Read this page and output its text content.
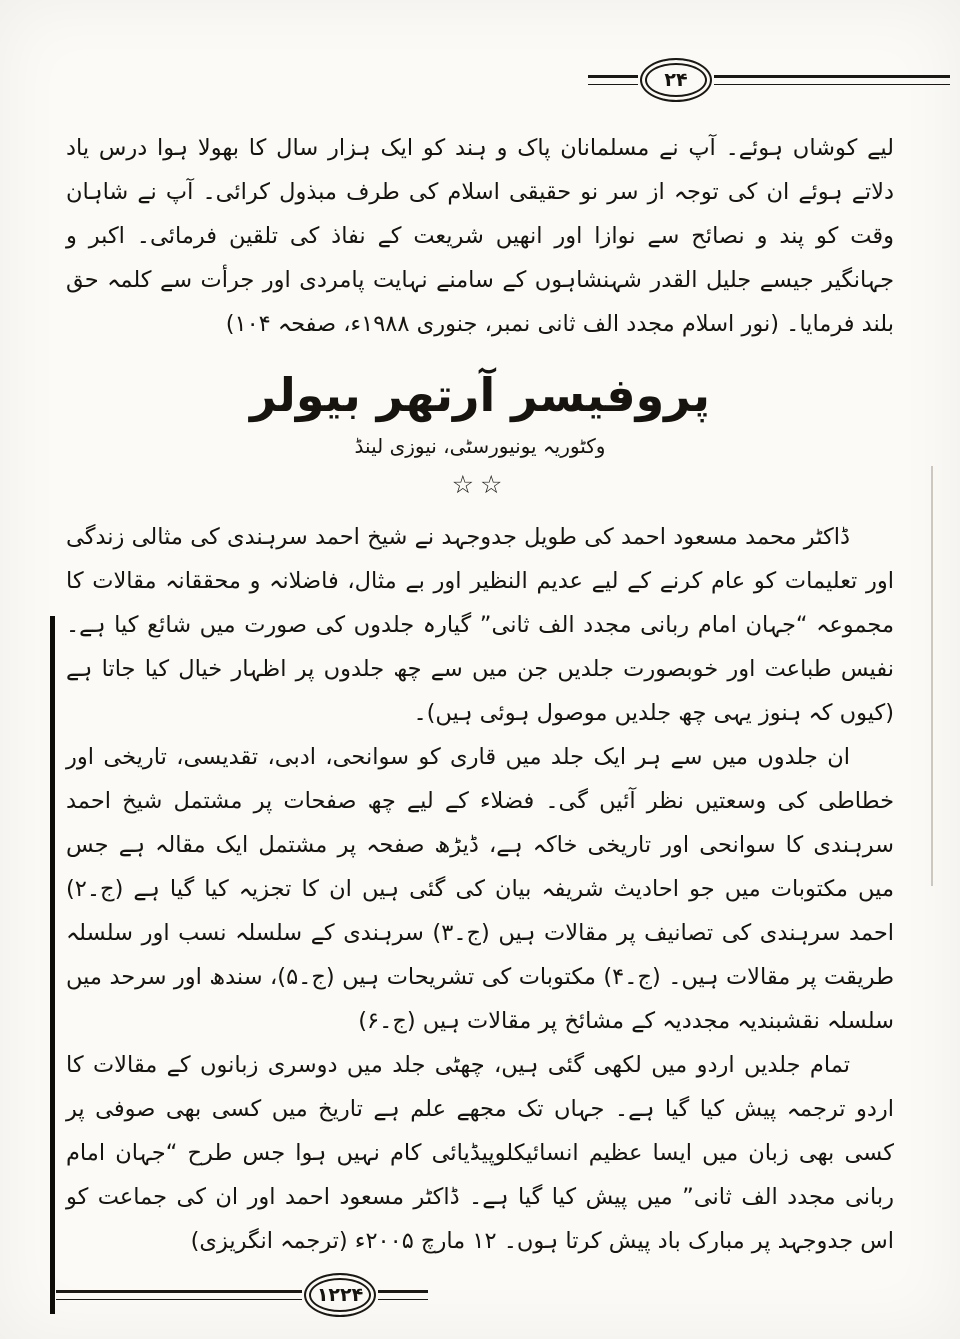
۲۴

لیے کوشاں ہوئے۔ آپ نے مسلمانان پاک و ہند کو ایک ہزار سال کا بھولا ہوا درس یاد دلاتے ہوئے ان کی توجہ از سر نو حقیقی اسلام کی طرف مبذول کرائی۔ آپ نے شاہان وقت کو پند و نصائح سے نوازا اور انھیں شریعت کے نفاذ کی تلقین فرمائی۔ اکبر و جہانگیر جیسے جلیل القدر شہنشاہوں کے سامنے نہایت پامردی اور جرأت سے کلمہ حق بلند فرمایا۔ (نور اسلام مجدد الف ثانی نمبر، جنوری ۱۹۸۸ء، صفحہ ۱۰۴)

پروفیسر آرتھر بیولر
وکٹوریہ یونیورسٹی، نیوزی لینڈ
☆☆

ڈاکٹر محمد مسعود احمد کی طویل جدوجہد نے شیخ احمد سرہندی کی مثالی زندگی اور تعلیمات کو عام کرنے کے لیے عدیم النظیر اور بے مثال، فاضلانہ و محققانہ مقالات کا مجموعہ “جہان امام ربانی مجدد الف ثانی” گیارہ جلدوں کی صورت میں شائع کیا ہے۔ نفیس طباعت اور خوبصورت جلدیں جن میں سے چھ جلدوں پر اظہار خیال کیا جاتا ہے (کیوں کہ ہنوز یہی چھ جلدیں موصول ہوئی ہیں)۔

ان جلدوں میں سے ہر ایک جلد میں قاری کو سوانحی، ادبی، تقدیسی، تاریخی اور خطاطی کی وسعتیں نظر آئیں گی۔ فضلاء کے لیے چھ صفحات پر مشتمل شیخ احمد سرہندی کا سوانحی اور تاریخی خاکہ ہے، ڈیڑھ صفحہ پر مشتمل ایک مقالہ ہے جس میں مکتوبات میں جو احادیث شریفہ بیان کی گئی ہیں ان کا تجزیہ کیا گیا ہے (ج۔۲) احمد سرہندی کی تصانیف پر مقالات ہیں (ج۔۳) سرہندی کے سلسلہ نسب اور سلسلہ طریقت پر مقالات ہیں۔ (ج۔۴) مکتوبات کی تشریحات ہیں (ج۔۵)، سندھ اور سرحد میں سلسلہ نقشبندیہ مجددیہ کے مشائخ پر مقالات ہیں (ج۔۶)

تمام جلدیں اردو میں لکھی گئی ہیں، چھٹی جلد میں دوسری زبانوں کے مقالات کا اردو ترجمہ پیش کیا گیا ہے۔ جہاں تک مجھے علم ہے تاریخ میں کسی بھی صوفی پر کسی بھی زبان میں ایسا عظیم انسائیکلوپیڈیائی کام نہیں ہوا جس طرح “جہان امام ربانی مجدد الف ثانی” میں پیش کیا گیا ہے۔ ڈاکٹر مسعود احمد اور ان کی جماعت کو اس جدوجہد پر مبارک باد پیش کرتا ہوں۔ ۱۲ مارچ ۲۰۰۵ء (ترجمہ انگریزی)

۱۲۲۴
